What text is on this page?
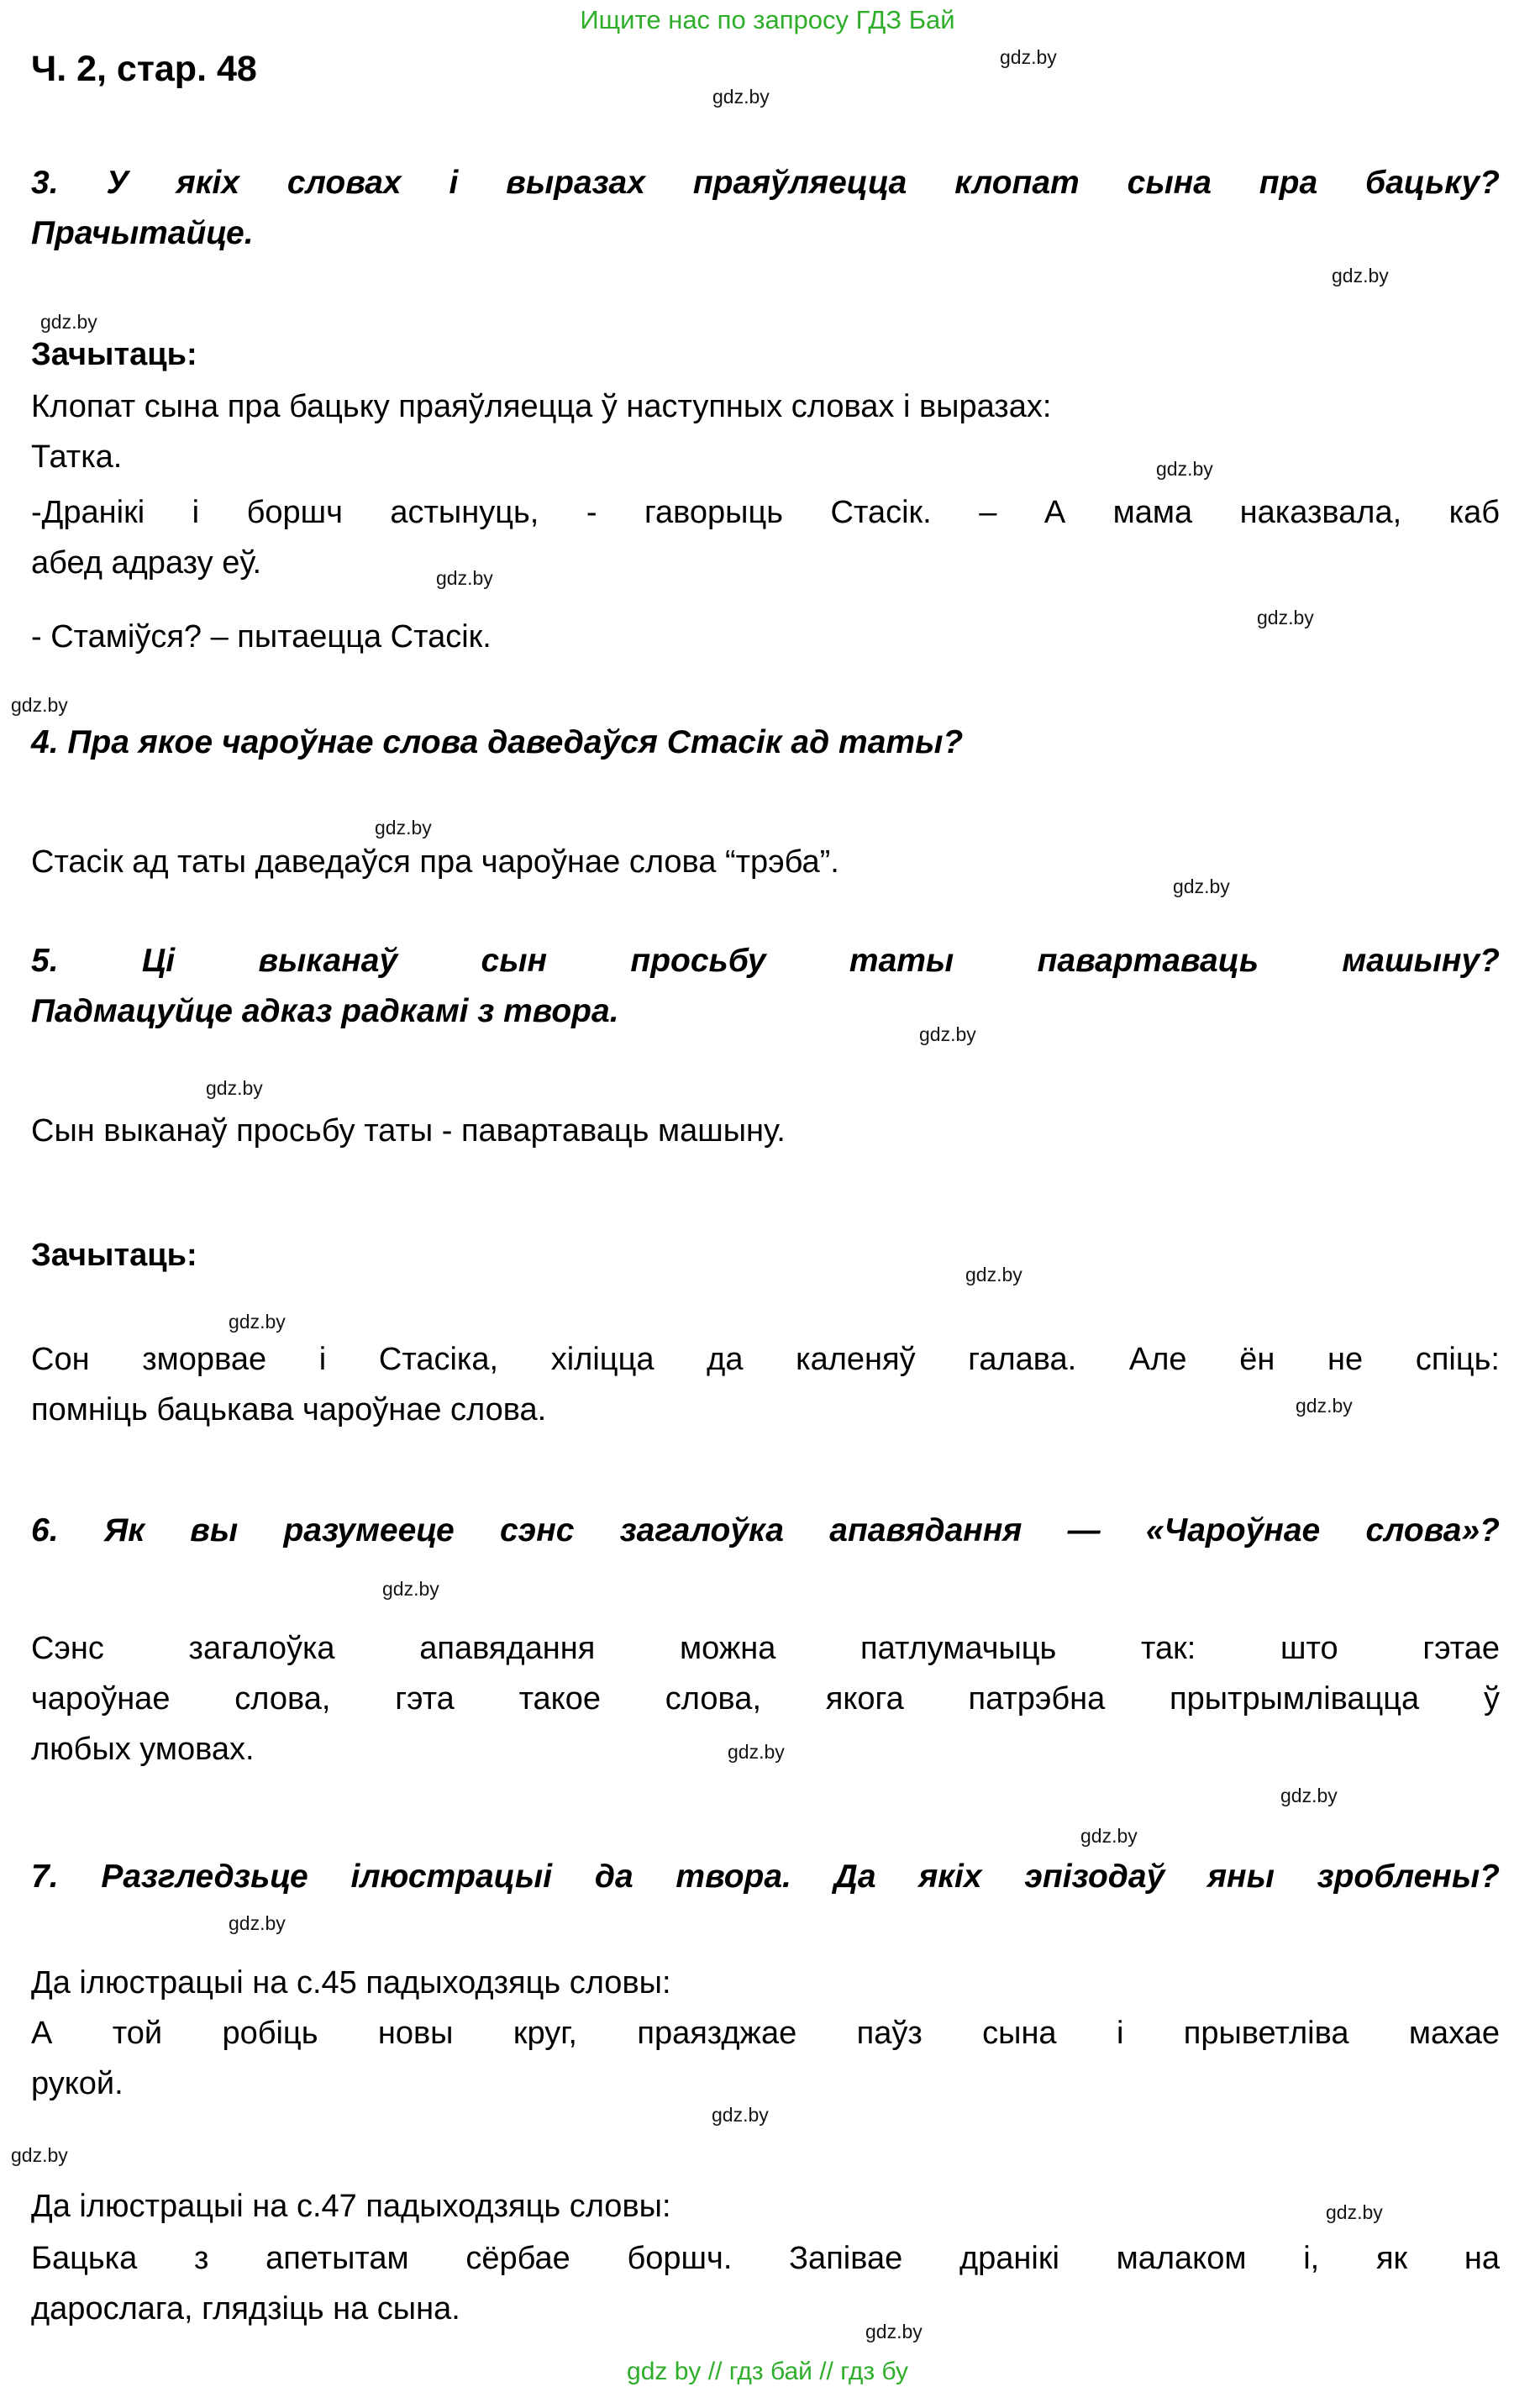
Ищите нас по запросу ГДЗ Бай
Ч. 2, стар. 48
3. У якіх словах і выразах праяўляецца клопат сына пра бацьку?
Прачытайце.
Зачытаць:
Клопат сына пра бацьку праяўляецца ў наступных словах і выразах:
Татка.
-Дранікі і боршч астынуць, - гаворыць Стасік. – А мама наказвала, каб
абед адразу еў.
- Стаміўся? – пытаецца Стасік.
4. Пра якое чароўнае слова даведаўся Стасік ад таты?
Стасік ад таты даведаўся пра чароўнае слова “трэба”.
5. Ці выканаў сын просьбу таты павартаваць машыну?
Падмацуйце адказ радкамі з твора.
Сын выканаў просьбу таты - павартаваць машыну.
Зачытаць:
Сон зморвае і Стасіка, хіліцца да каленяў галава. Але ён не спіць:
помніць бацькава чароўнае слова.
6. Як вы разумееце сэнс загалоўка апавядання — «Чароўнае слова»?
Сэнс загалоўка апавядання можна патлумачыць так: што гэтае
чароўнае слова, гэта такое слова, якога патрэбна прытрымлівацца ў
любых умовах.
7. Разгледзьце ілюстрацыі да твора. Да якіх эпізодаў яны зроблены?
Да ілюстрацыі на с.45 падыходзяць словы:
А той робіць новы круг, праязджае паўз сына і прыветліва махае
рукой.
Да ілюстрацыі на с.47 падыходзяць словы:
Бацька з апетытам сёрбае боршч. Запівае дранікі малаком і, як на
дарослага, глядзіць на сына.
gdz by // гдз бай // гдз бу
gdz.by
gdz.by
gdz.by
gdz.by
gdz.by
gdz.by
gdz.by
gdz.by
gdz.by
gdz.by
gdz.by
gdz.by
gdz.by
gdz.by
gdz.by
gdz.by
gdz.by
gdz.by
gdz.by
gdz.by
gdz.by
gdz.by
gdz.by
gdz.by
